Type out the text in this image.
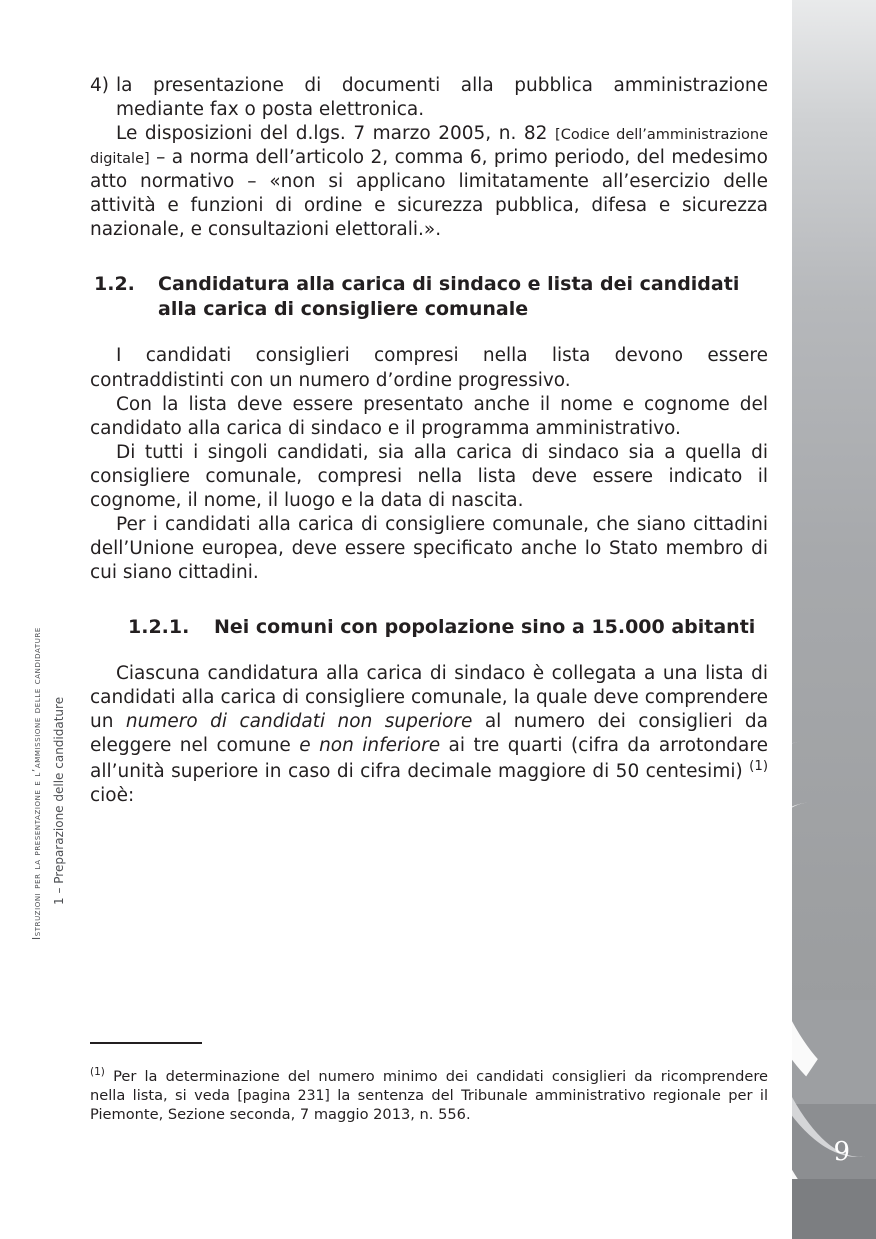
9
Istruzioni per la presentazione e l’ammissione delle candidature 1 – Preparazione delle candidature

4) la presentazione di documenti alla pubblica amministrazione mediante fax o posta elettronica.

Le disposizioni del d.lgs. 7 marzo 2005, n. 82 [Codice dell’amministrazione digitale] – a norma dell’articolo 2, comma 6, primo periodo, del medesimo atto normativo – «non si applicano limitatamente all’esercizio delle attività e funzioni di ordine e sicurezza pubblica, difesa e sicurezza nazionale, e consultazioni elettorali.».

1.2.	Candidatura alla carica di sindaco e lista dei candidati alla carica di consigliere comunale

I candidati consiglieri compresi nella lista devono essere contraddistinti con un numero d’ordine progressivo.

Con la lista deve essere presentato anche il nome e cognome del candidato alla carica di sindaco e il programma amministrativo.

Di tutti i singoli candidati, sia alla carica di sindaco sia a quella di consigliere comunale, compresi nella lista deve essere indicato il cognome, il nome, il luogo e la data di nascita.

Per i candidati alla carica di consigliere comunale, che siano cittadini dell’Unione europea, deve essere specificato anche lo Stato membro di cui siano cittadini.

1.2.1.	Nei comuni con popolazione sino a 15.000 abitanti

Ciascuna candidatura alla carica di sindaco è collegata a una lista di candidati alla carica di consigliere comunale, la quale deve comprendere un numero di candidati non superiore al numero dei consiglieri da eleggere nel comune e non inferiore ai tre quarti (cifra da arrotondare all’unità superiore in caso di cifra decimale maggiore di 50 centesimi) $^{(1)}$ cioè:

$^{(1)}$ Per la determinazione del numero minimo dei candidati consiglieri da ricomprendere nella lista, si veda [pagina 231] la sentenza del Tribunale amministrativo regionale per il Piemonte, Sezione seconda, 7 maggio 2013, n. 556.
